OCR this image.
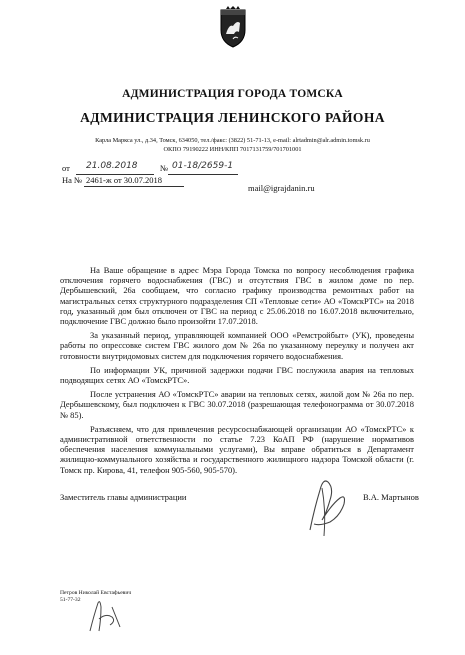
АДМИНИСТРАЦИЯ ГОРОДА ТОМСКА
АДМИНИСТРАЦИЯ ЛЕНИНСКОГО РАЙОНА
Карла Маркса ул., д.34, Томск, 634050, тел./факс: (3822) 51-71-13, e-mail: alrtadmin@alr.admin.tomsk.ru
ОКПО 79190222 ИНН/КПП 7017131759/701701001
от 21.08.2018	№ 01-18/2659-1
На № 2461-ж от 30.07.2018
mail@igrajdanin.ru

На Ваше обращение в адрес Мэра Города Томска по вопросу несоблюдения графика отключения горячего водоснабжения (ГВС) и отсутствия ГВС в жилом доме по пер. Дербышевский, 26а сообщаем, что согласно графику производства ремонтных работ на магистральных сетях структурного подразделения СП «Тепловые сети» АО «ТомскРТС» на 2018 год, указанный дом был отключен от ГВС на период с 25.06.2018 по 16.07.2018 включительно, подключение ГВС должно было произойти 17.07.2018.

За указанный период, управляющей компанией ООО «Ремстройбыт» (УК), проведены работы по опрессовке систем ГВС жилого дом № 26а по указанному переулку и получен акт готовности внутридомовых систем для подключения горячего водоснабжения.

По информации УК, причиной задержки подачи ГВС послужила авария на тепловых подводящих сетях АО «ТомскРТС».

После устранения АО «ТомскРТС» аварии на тепловых сетях, жилой дом № 26а по пер. Дербышевскому, был подключен к ГВС 30.07.2018 (разрешающая телефонограмма от 30.07.2018 № 85).

Разъясняем, что для привлечения ресурсоснабжающей организации АО «ТомскРТС» к административной ответственности по статье 7.23 КоАП РФ (нарушение нормативов обеспечения населения коммунальными услугами), Вы вправе обратиться в Департамент жилищно-коммунального хозяйства и государственного жилищного надзора Томской области (г. Томск пр. Кирова, 41, телефон 905-560, 905-570).

Заместитель главы администрации	В.А. Мартынов
Петров Николай Евстафьевич
51-77-32
